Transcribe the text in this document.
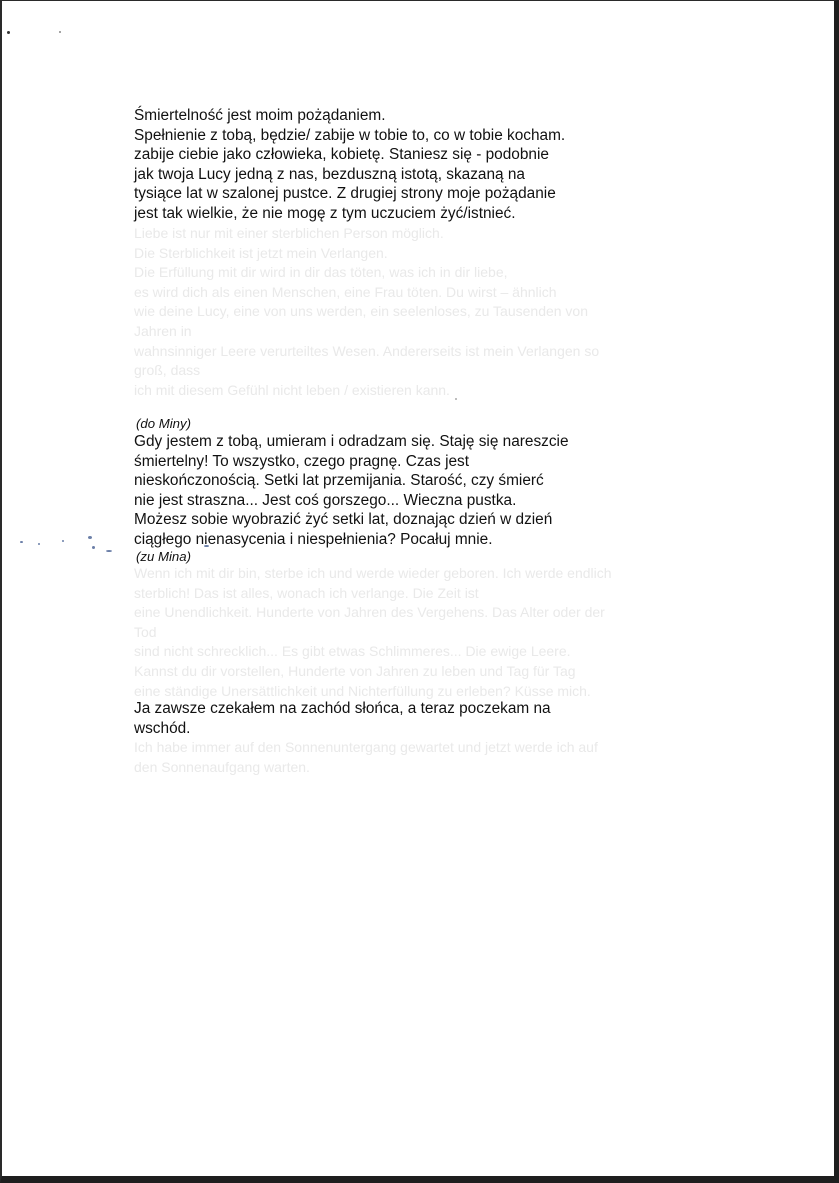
Śmiertelność jest moim pożądaniem.
Spełnienie z tobą, będzie/ zabije w tobie to, co w tobie kocham.
zabije ciebie jako człowieka, kobietę. Staniesz się - podobnie
jak twoja Lucy jedną z nas, bezduszną istotą, skazaną na
tysiące lat w szalonej pustce. Z drugiej strony moje pożądanie
jest tak wielkie, że nie mogę z tym uczuciem żyć/istnieć.
Liebe ist nur mit einer sterblichen Person möglich.
Die Sterblichkeit ist jetzt mein Verlangen.
Die Erfüllung mit dir wird in dir das töten, was ich in dir liebe,
es wird dich als einen Menschen, eine Frau töten. Du wirst – ähnlich
wie deine Lucy, eine von uns werden, ein seelenloses, zu Tausenden von
Jahren in
wahnsinniger Leere verurteiltes Wesen. Andererseits ist mein Verlangen so
groß, dass
ich mit diesem Gefühl nicht leben / existieren kann.
(do Miny)
Gdy jestem z tobą, umieram i odradzam się. Staję się nareszcie
śmiertelny! To wszystko, czego pragnę. Czas jest
nieskończonością. Setki lat przemijania. Starość, czy śmierć
nie jest straszna... Jest coś gorszego... Wieczna pustka.
Możesz sobie wyobrazić żyć setki lat, doznając dzień w dzień
ciągłego nienasycenia i niespełnienia? Pocałuj mnie.
(zu Mina)
Wenn ich mit dir bin, sterbe ich und werde wieder geboren. Ich werde endlich
sterblich! Das ist alles, wonach ich verlange. Die Zeit ist
eine Unendlichkeit. Hunderte von Jahren des Vergehens. Das Alter oder der
Tod
sind nicht schrecklich... Es gibt etwas Schlimmeres... Die ewige Leere.
Kannst du dir vorstellen, Hunderte von Jahren zu leben und Tag für Tag
eine ständige Unersättlichkeit und Nichterfüllung zu erleben? Küsse mich.
Ja zawsze czekałem na zachód słońca, a teraz poczekam na
wschód.
Ich habe immer auf den Sonnenuntergang gewartet und jetzt werde ich auf
den Sonnenaufgang warten.
